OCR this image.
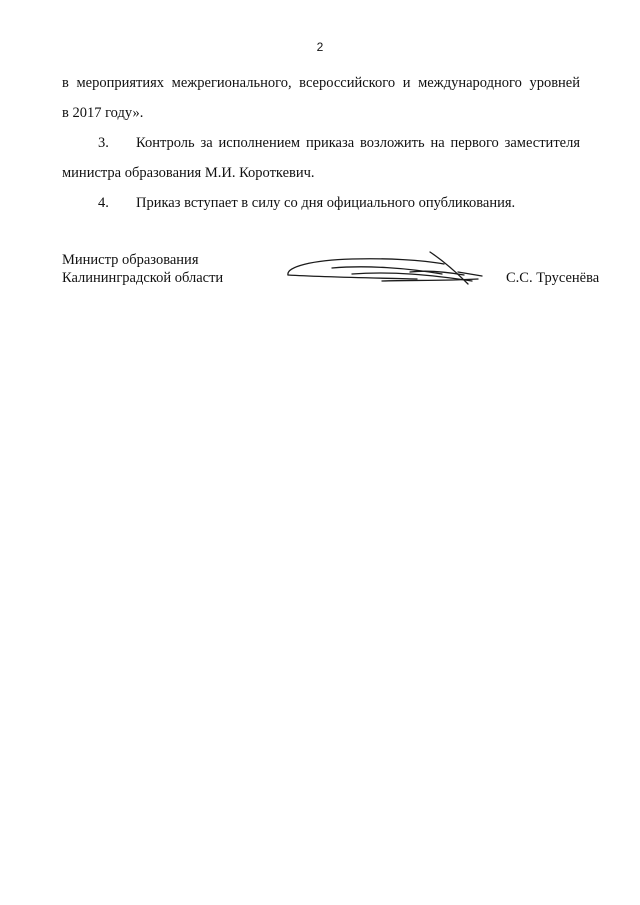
2
в мероприятиях межрегионального, всероссийского и международного уровней
в 2017 году».
3. Контроль за исполнением приказа возложить на первого заместителя
министра образования М.И. Короткевич.
4. Приказ вступает в силу со дня официального опубликования.
Министр образования
Калининградской области	С.С. Трусенёва
